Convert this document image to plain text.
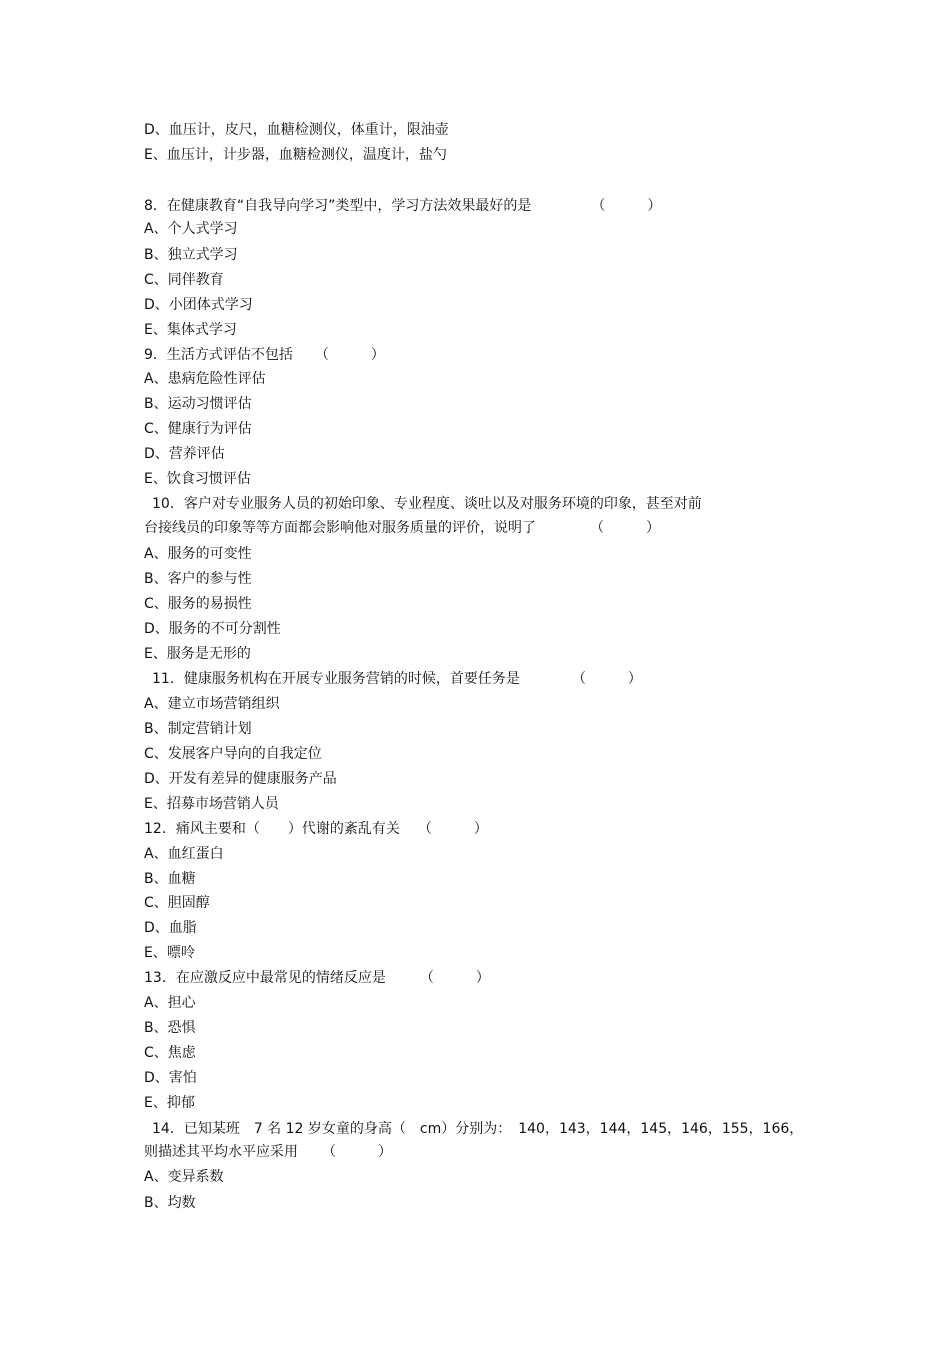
D、血压计，皮尺，血糖检测仪，体重计，限油壶

E、血压计，计步器，血糖检测仪，温度计，盐勺

8．在健康教育“自我导向学习”类型中，学习方法效果最好的是	（　　　）

A、个人式学习

B、独立式学习

C、同伴教育

D、小团体式学习

E、集体式学习

9．生活方式评估不包括 （　　　）

A、患病危险性评估

B、运动习惯评估

C、健康行为评估

D、营养评估

E、饮食习惯评估

10．客户对专业服务人员的初始印象、专业程度、谈吐以及对服务环境的印象，甚至对前

台接线员的印象等等方面都会影响他对服务质量的评价，说明了	（　　　）

A、服务的可变性

B、客户的参与性

C、服务的易损性

D、服务的不可分割性

E、服务是无形的

11．健康服务机构在开展专业服务营销的时候，首要任务是	（　　　）

A、建立市场营销组织

B、制定营销计划

C、发展客户导向的自我定位

D、开发有差异的健康服务产品

E、招募市场营销人员

12．痛风主要和（　　）代谢的紊乱有关 （　　　）

A、血红蛋白

B、血糖

C、胆固醇

D、血脂

E、嘌呤

13．在应激反应中最常见的情绪反应是 （　　　）

A、担心

B、恐惧

C、焦虑

D、害怕

E、抑郁

14．已知某班　7 名 12 岁女童的身高（　cm）分别为：　140，143，144，145，146，155，166，

则描述其平均水平应采用 （　　　）

A、变异系数

B、均数
